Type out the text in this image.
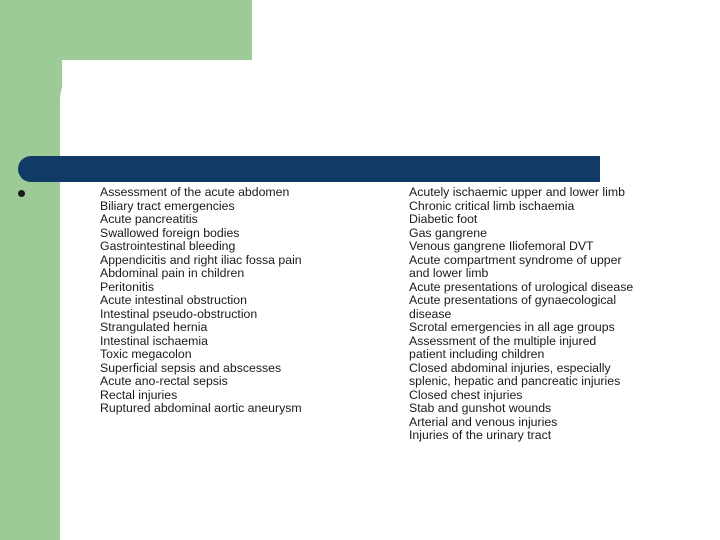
Assessment of the acute abdomen
Biliary tract emergencies
Acute pancreatitis
Swallowed foreign bodies
Gastrointestinal bleeding
Appendicitis and right iliac fossa pain
Abdominal pain in children
Peritonitis
Acute intestinal obstruction
Intestinal pseudo-obstruction
Strangulated hernia
Intestinal ischaemia
Toxic megacolon
Superficial sepsis and abscesses
Acute ano-rectal sepsis
Rectal injuries
Ruptured abdominal aortic aneurysm
Acutely ischaemic upper and lower limb
Chronic critical limb ischaemia
Diabetic foot
Gas gangrene
Venous gangrene Iliofemoral DVT
Acute compartment syndrome of upper
and lower limb
Acute presentations of urological disease
Acute presentations of gynaecological
disease
Scrotal emergencies in all age groups
Assessment of the multiple injured
patient including children
Closed abdominal injuries, especially
splenic, hepatic and pancreatic injuries
Closed chest injuries
Stab and gunshot wounds
Arterial and venous injuries
Injuries of the urinary tract
